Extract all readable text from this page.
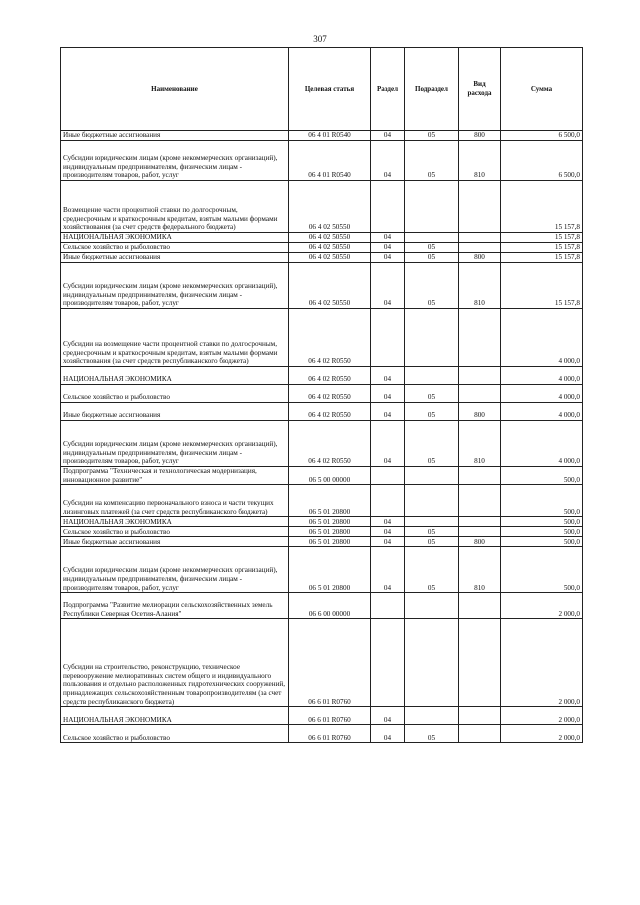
307
Наименование	Целевая статья	Раздел	Подраздел	Вид расхода	Сумма
Иные бюджетные ассигнования	06 4 01 R0540	04	05	800	6 500,0
Субсидии юридическим лицам (кроме некоммерческих организаций), индивидуальным предпринимателям, физическим лицам - производителям товаров, работ, услуг	06 4 01 R0540	04	05	810	6 500,0
Возмещение части процентной ставки по долгосрочным, среднесрочным и краткосрочным кредитам, взятым малыми формами хозяйствования (за счет средств федерального бюджета)	06 4 02 50550				15 157,8
НАЦИОНАЛЬНАЯ ЭКОНОМИКА	06 4 02 50550	04			15 157,8
Сельское хозяйство и рыболовство	06 4 02 50550	04	05		15 157,8
Иные бюджетные ассигнования	06 4 02 50550	04	05	800	15 157,8
Субсидии юридическим лицам (кроме некоммерческих организаций), индивидуальным предпринимателям, физическим лицам - производителям товаров, работ, услуг	06 4 02 50550	04	05	810	15 157,8
Субсидии на возмещение части процентной ставки по долгосрочным, среднесрочным и краткосрочным кредитам, взятым малыми формами хозяйствования (за счет средств республиканского бюджета)	06 4 02 R0550				4 000,0
НАЦИОНАЛЬНАЯ ЭКОНОМИКА	06 4 02 R0550	04			4 000,0
Сельское хозяйство и рыболовство	06 4 02 R0550	04	05		4 000,0
Иные бюджетные ассигнования	06 4 02 R0550	04	05	800	4 000,0
Субсидии юридическим лицам (кроме некоммерческих организаций), индивидуальным предпринимателям, физическим лицам - производителям товаров, работ, услуг	06 4 02 R0550	04	05	810	4 000,0
Подпрограмма "Техническая и технологическая модернизация, инновационное развитие"	06 5 00 00000				500,0
Субсидии на компенсацию первоначального взноса и части текущих лизинговых платежей (за счет средств республиканского бюджета)	06 5 01 20800				500,0
НАЦИОНАЛЬНАЯ ЭКОНОМИКА	06 5 01 20800	04			500,0
Сельское хозяйство и рыболовство	06 5 01 20800	04	05		500,0
Иные бюджетные ассигнования	06 5 01 20800	04	05	800	500,0
Субсидии юридическим лицам (кроме некоммерческих организаций), индивидуальным предпринимателям, физическим лицам - производителям товаров, работ, услуг	06 5 01 20800	04	05	810	500,0
Подпрограмма "Развитие мелиорации сельскохозяйственных земель Республики Северная Осетия-Алания"	06 6 00 00000				2 000,0
Субсидии на строительство, реконструкцию, техническое перевооружение мелиоративных систем общего и индивидуального пользования и отдельно расположенных гидротехнических сооружений, принадлежащих сельскохозяйственным товаропроизводителям (за счет средств республиканского бюджета)	06 6 01 R0760				2 000,0
НАЦИОНАЛЬНАЯ ЭКОНОМИКА	06 6 01 R0760	04			2 000,0
Сельское хозяйство и рыболовство	06 6 01 R0760	04	05		2 000,0
